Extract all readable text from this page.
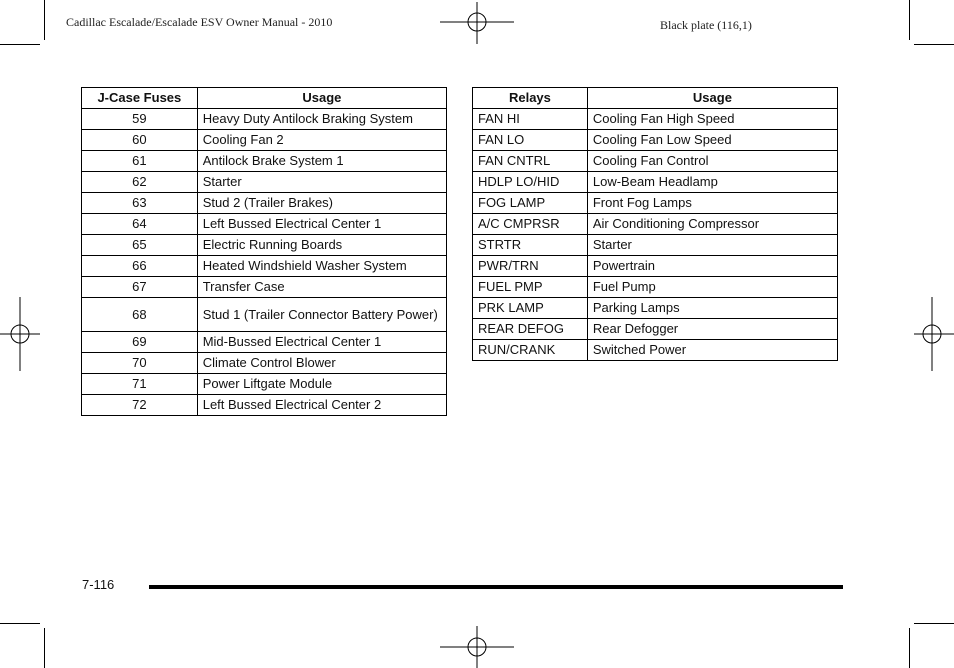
Cadillac Escalade/Escalade ESV Owner Manual - 2010	Black plate (116,1)
J-Case Fuses	Usage
59	Heavy Duty Antilock Braking System
60	Cooling Fan 2
61	Antilock Brake System 1
62	Starter
63	Stud 2 (Trailer Brakes)
64	Left Bussed Electrical Center 1
65	Electric Running Boards
66	Heated Windshield Washer System
67	Transfer Case
68	Stud 1 (Trailer Connector Battery Power)
69	Mid-Bussed Electrical Center 1
70	Climate Control Blower
71	Power Liftgate Module
72	Left Bussed Electrical Center 2
Relays	Usage
FAN HI	Cooling Fan High Speed
FAN LO	Cooling Fan Low Speed
FAN CNTRL	Cooling Fan Control
HDLP LO/HID	Low-Beam Headlamp
FOG LAMP	Front Fog Lamps
A/C CMPRSR	Air Conditioning Compressor
STRTR	Starter
PWR/TRN	Powertrain
FUEL PMP	Fuel Pump
PRK LAMP	Parking Lamps
REAR DEFOG	Rear Defogger
RUN/CRANK	Switched Power
7-116
